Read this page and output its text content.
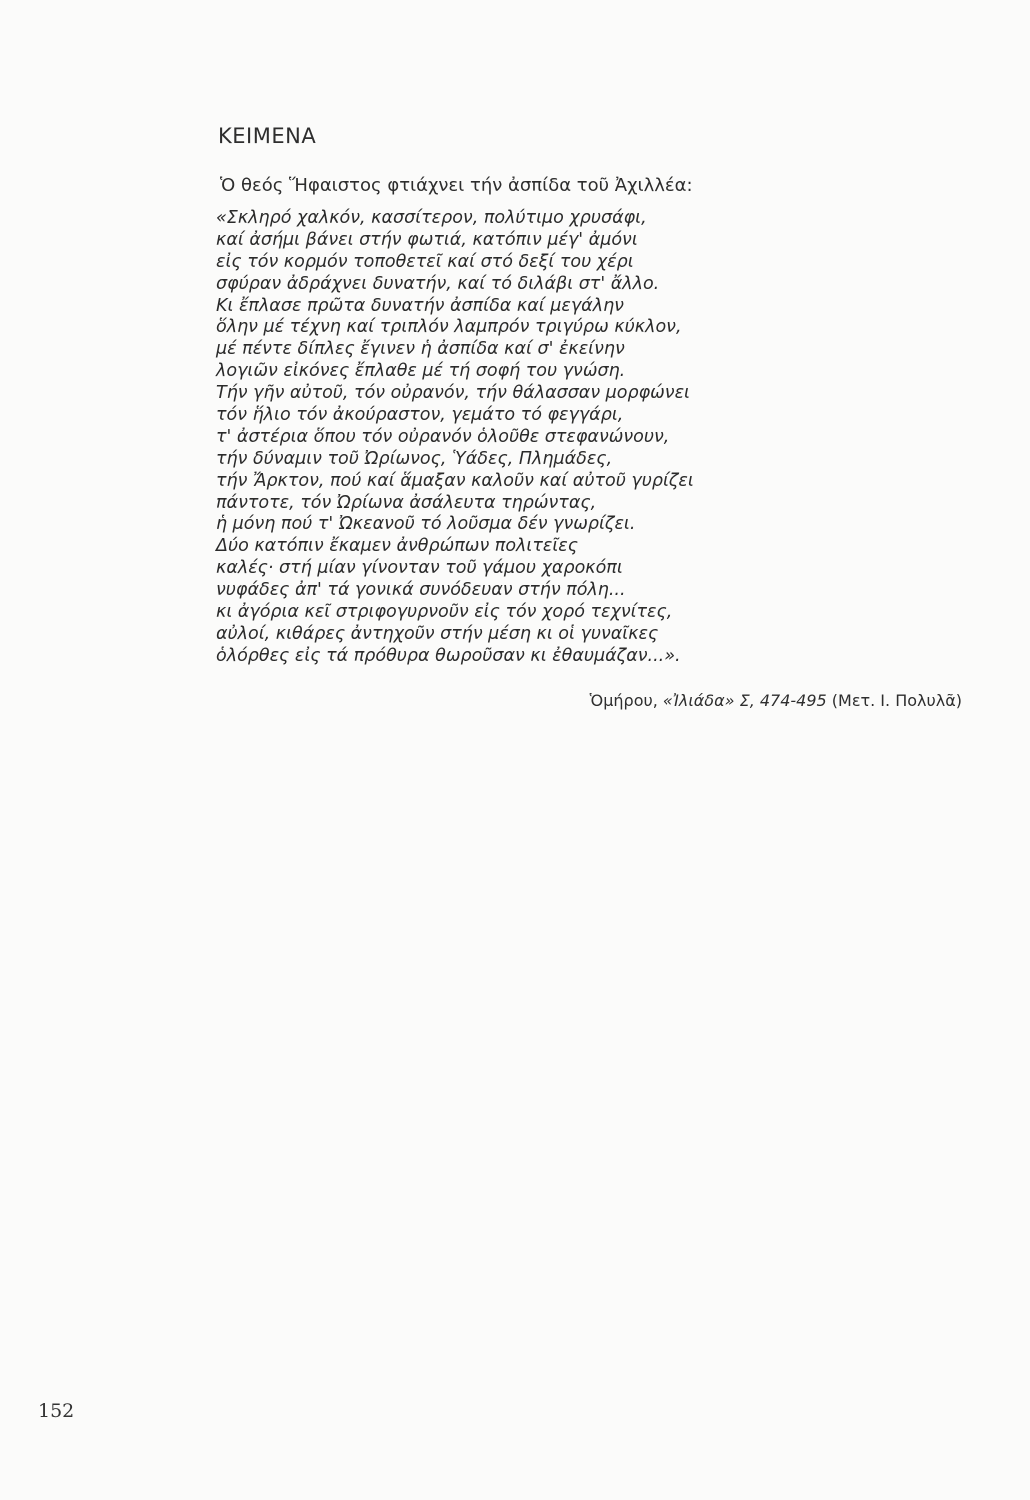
ΚΕΙΜΕΝΑ
Ὁ θεός Ἥφαιστος φτιάχνει τήν ἀσπίδα τοῦ Ἀχιλλέα:
«Σκληρό χαλκόν, κασσίτερον, πολύτιμο χρυσάφι,
καί ἀσήμι βάνει στήν φωτιά, κατόπιν μέγ' ἀμόνι
εἰς τόν κορμόν τοποθετεῖ καί στό δεξί του χέρι
σφύραν ἀδράχνει δυνατήν, καί τό διλάβι στ' ἄλλο.
Κι ἔπλασε πρῶτα δυνατήν ἀσπίδα καί μεγάλην
ὅλην μέ τέχνη καί τριπλόν λαμπρόν τριγύρω κύκλον,
μέ πέντε δίπλες ἔγινεν ἡ ἀσπίδα καί σ' ἐκείνην
λογιῶν εἰκόνες ἔπλαθε μέ τή σοφή του γνώση.
Τήν γῆν αὐτοῦ, τόν οὐρανόν, τήν θάλασσαν μορφώνει
τόν ἥλιο τόν ἀκούραστον, γεμάτο τό φεγγάρι,
τ' ἀστέρια ὅπου τόν οὐρανόν ὁλοῦθε στεφανώνουν,
τήν δύναμιν τοῦ Ὠρίωνος, Ὑάδες, Πλημάδες,
τήν Ἄρκτον, πού καί ἅμαξαν καλοῦν καί αὐτοῦ γυρίζει
πάντοτε, τόν Ὠρίωνα ἀσάλευτα τηρώντας,
ἡ μόνη πού τ' Ὠκεανοῦ τό λοῦσμα δέν γνωρίζει.
Δύο κατόπιν ἔκαμεν ἀνθρώπων πολιτεῖες
καλές· στή μίαν γίνονταν τοῦ γάμου χαροκόπι
νυφάδες ἀπ' τά γονικά συνόδευαν στήν πόλη...
κι ἀγόρια κεῖ στριφογυρνοῦν εἰς τόν χορό τεχνίτες,
αὐλοί, κιθάρες ἀντηχοῦν στήν μέση κι οἱ γυναῖκες
ὁλόρθες εἰς τά πρόθυρα θωροῦσαν κι ἐθαυμάζαν...».
Ὁμήρου, «Ἰλιάδα» Σ, 474-495 (Μετ. Ι. Πολυλᾶ)
152
